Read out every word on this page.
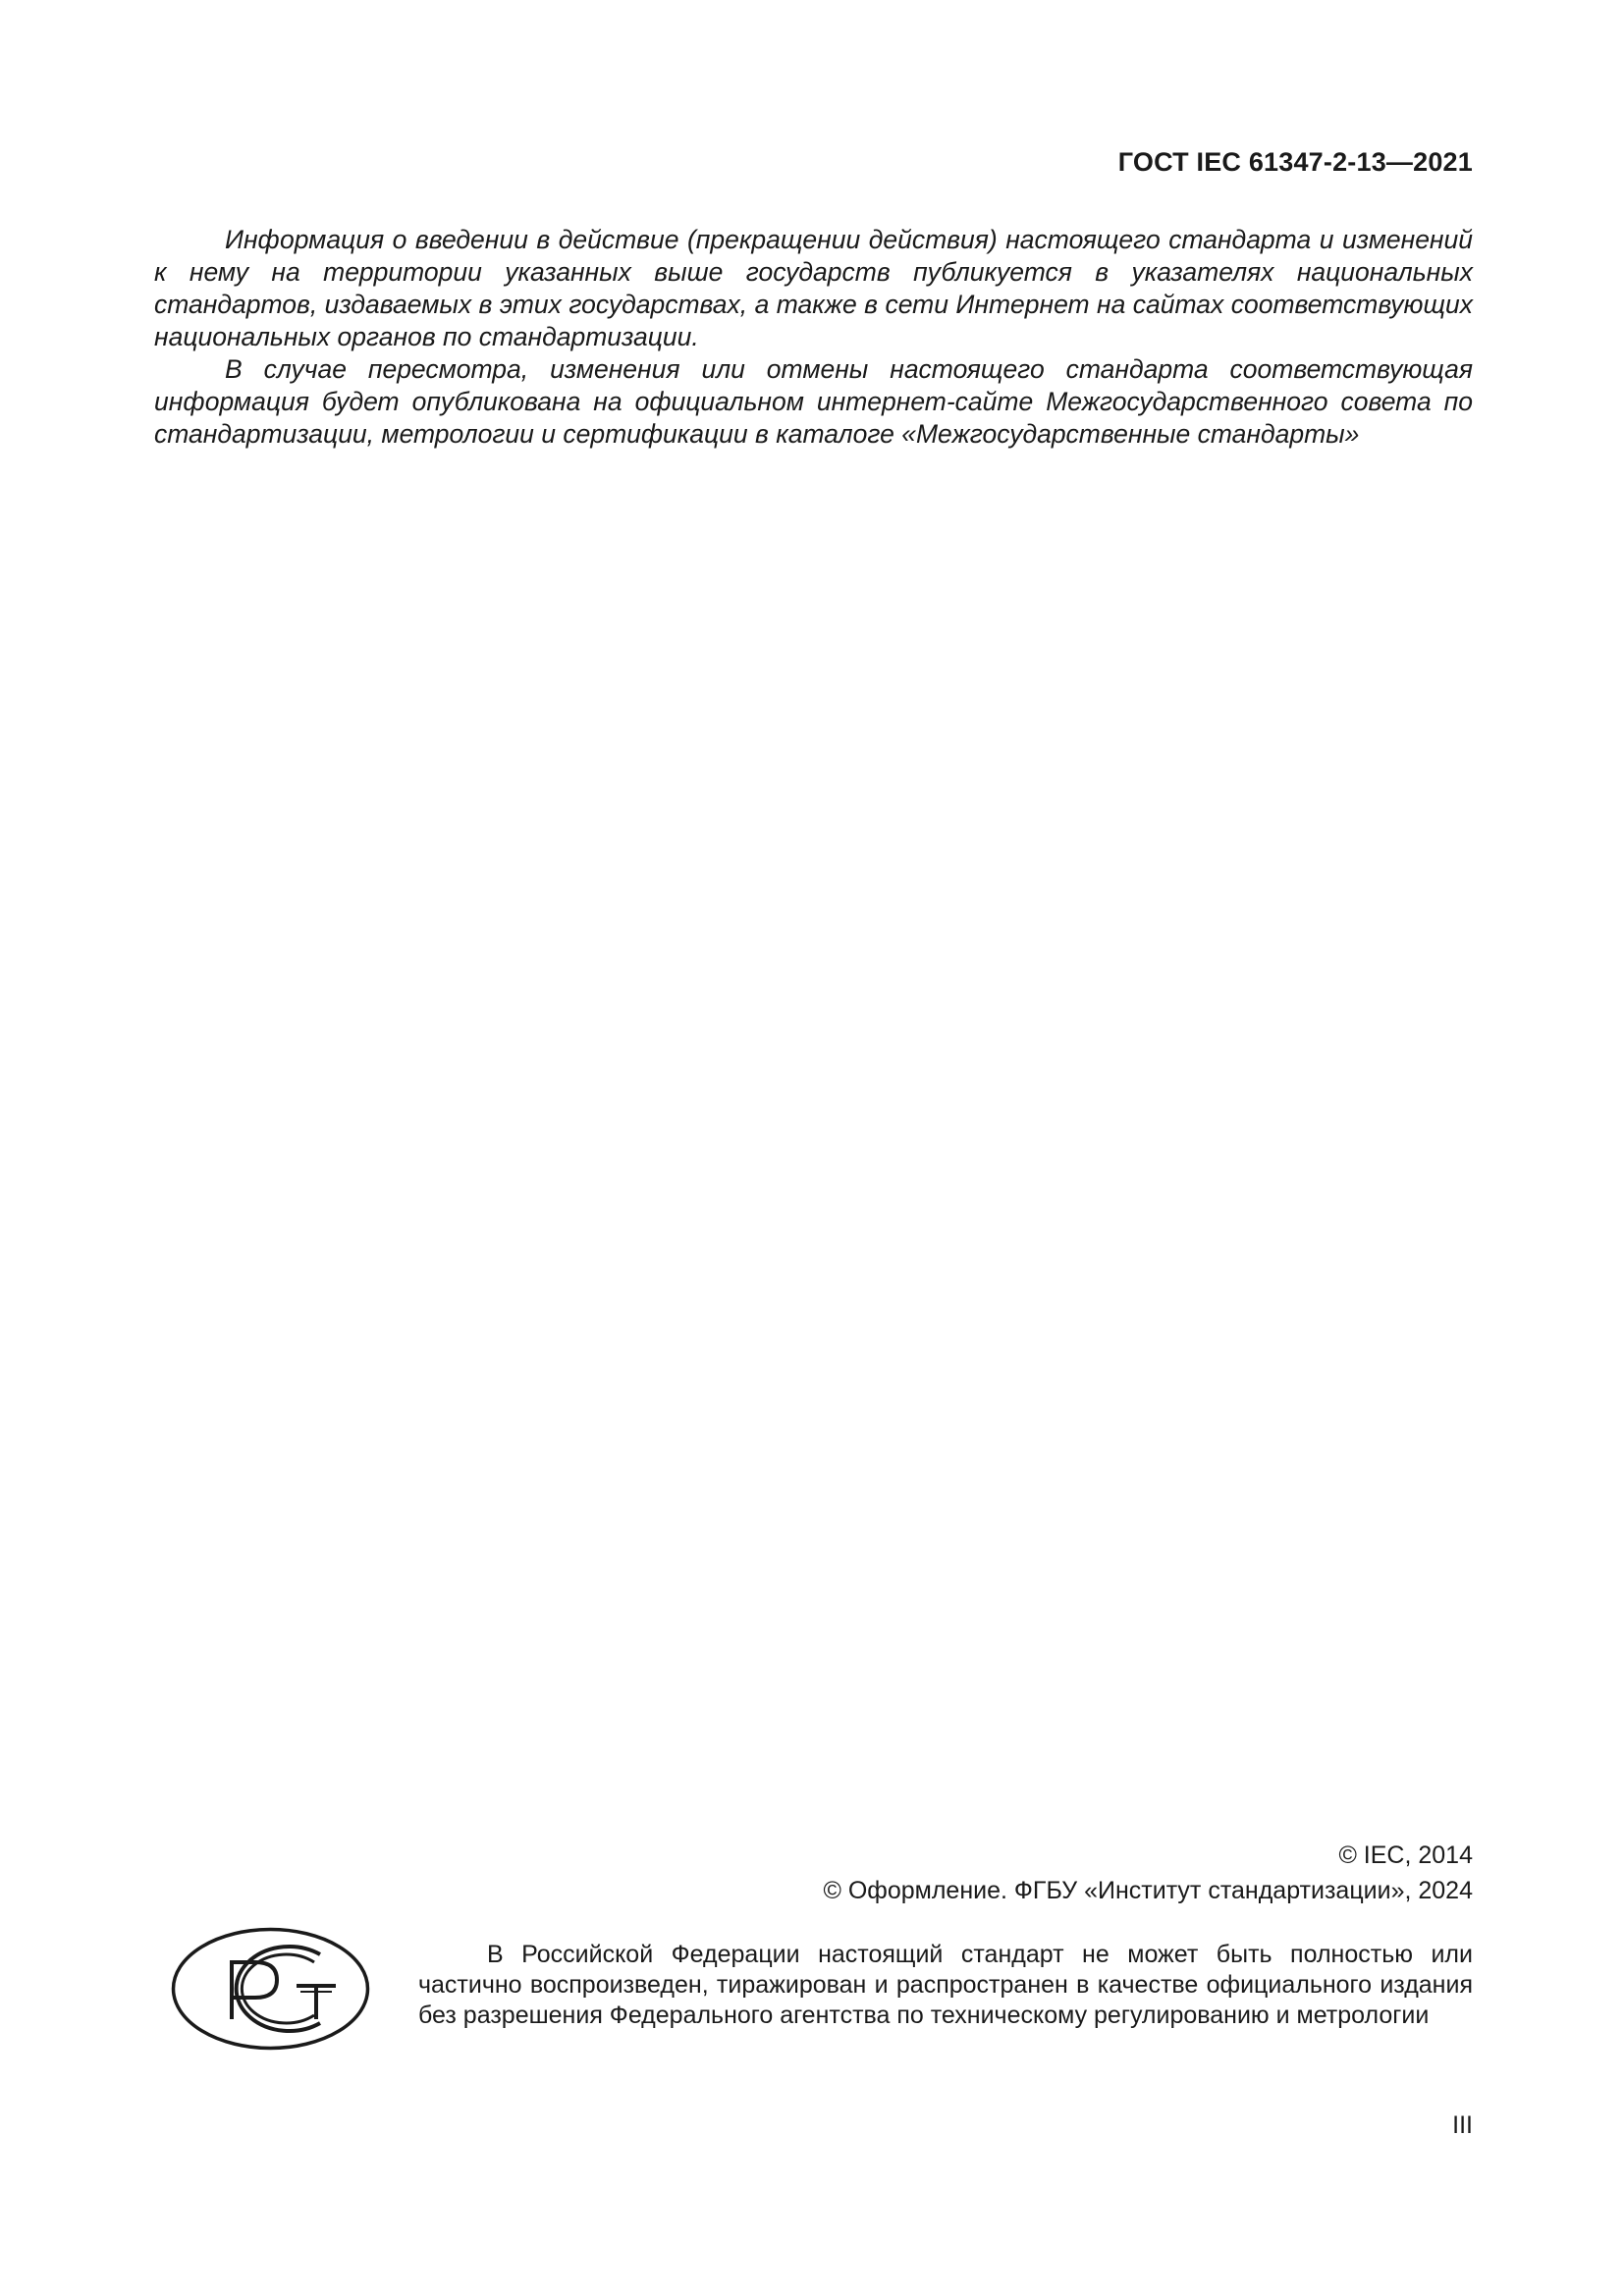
ГОСТ IEC 61347-2-13—2021

Информация о введении в действие (прекращении действия) настоящего стандарта и изменений к нему на территории указанных выше государств публикуется в указателях национальных стандартов, издаваемых в этих государствах, а также в сети Интернет на сайтах соответствующих национальных органов по стандартизации.

В случае пересмотра, изменения или отмены настоящего стандарта соответствующая информация будет опубликована на официальном интернет-сайте Межгосударственного совета по стандартизации, метрологии и сертификации в каталоге «Межгосударственные стандарты»

© IEC, 2014
© Оформление. ФГБУ «Институт стандартизации», 2024

В Российской Федерации настоящий стандарт не может быть полностью или частично воспроизведен, тиражирован и распространен в качестве официального издания без разрешения Федерального агентства по техническому регулированию и метрологии

III
